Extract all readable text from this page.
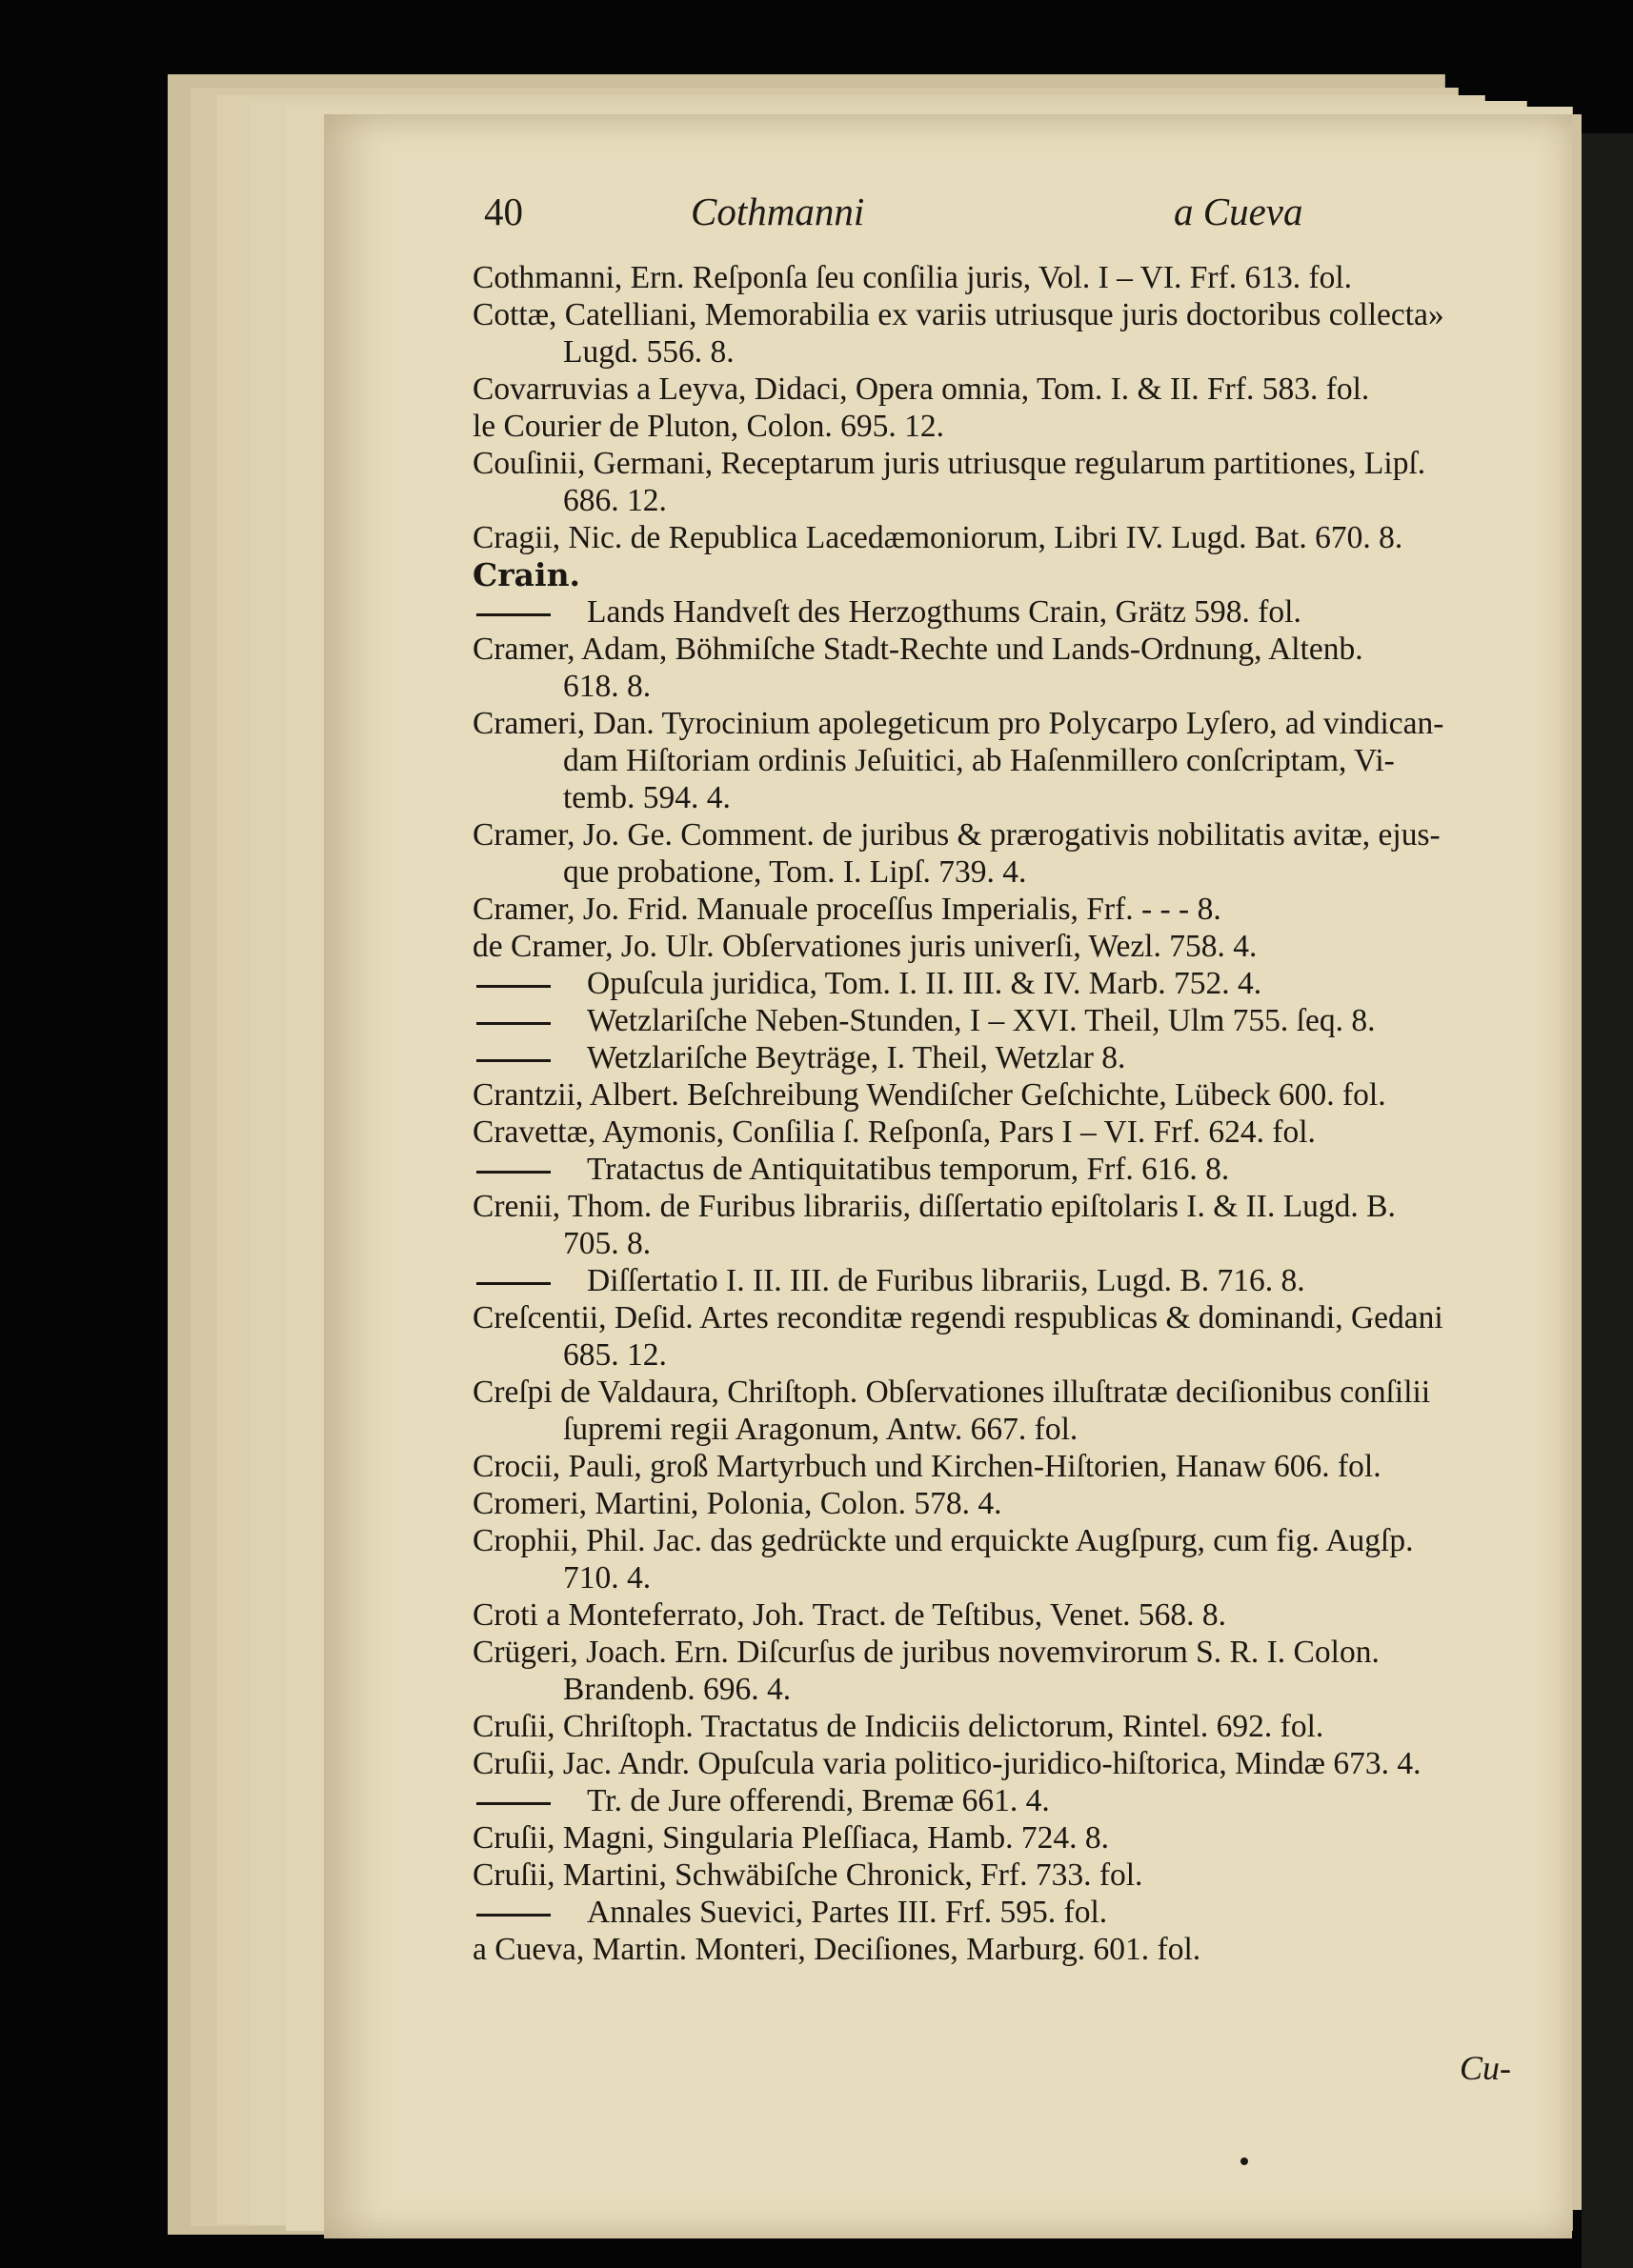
40	Cothmanni	a Cueva
Cothmanni, Ern. Reſponſa ſeu conſilia juris, Vol. I – VI. Frf. 613. fol.
Cottæ, Catelliani, Memorabilia ex variis utriusque juris doctoribus collecta»
Lugd. 556. 8.
Covarruvias a Leyva, Didaci, Opera omnia, Tom. I. & II. Frf. 583. fol.
le Courier de Pluton, Colon. 695. 12.
Couſinii, Germani, Receptarum juris utriusque regularum partitiones, Lipſ.
686. 12.
Cragii, Nic. de Republica Lacedæmoniorum, Libri IV. Lugd. Bat. 670. 8.
Crain.
Lands Handveſt des Herzogthums Crain, Grätz 598. fol.
Cramer, Adam, Böhmiſche Stadt-Rechte und Lands-Ordnung, Altenb.
618. 8.
Crameri, Dan. Tyrocinium apolegeticum pro Polycarpo Lyſero, ad vindican-
dam Hiſtoriam ordinis Jeſuitici, ab Haſenmillero conſcriptam, Vi-
temb. 594. 4.
Cramer, Jo. Ge. Comment. de juribus & prærogativis nobilitatis avitæ, ejus-
que probatione, Tom. I. Lipſ. 739. 4.
Cramer, Jo. Frid. Manuale proceſſus Imperialis, Frf. - - - 8.
de Cramer, Jo. Ulr. Obſervationes juris univerſi, Wezl. 758. 4.
Opuſcula juridica, Tom. I. II. III. & IV. Marb. 752. 4.
Wetzlariſche Neben-Stunden, I – XVI. Theil, Ulm 755. ſeq. 8.
Wetzlariſche Beyträge, I. Theil, Wetzlar 8.
Crantzii, Albert. Beſchreibung Wendiſcher Geſchichte, Lübeck 600. fol.
Cravettæ, Aymonis, Conſilia ſ. Reſponſa, Pars I – VI. Frf. 624. fol.
Tratactus de Antiquitatibus temporum, Frf. 616. 8.
Crenii, Thom. de Furibus librariis, diſſertatio epiſtolaris I. & II. Lugd. B.
705. 8.
Diſſertatio I. II. III. de Furibus librariis, Lugd. B. 716. 8.
Creſcentii, Deſid. Artes reconditæ regendi respublicas & dominandi, Gedani
685. 12.
Creſpi de Valdaura, Chriſtoph. Obſervationes illuſtratæ deciſionibus conſilii
ſupremi regii Aragonum, Antw. 667. fol.
Crocii, Pauli, groß Martyrbuch und Kirchen-Hiſtorien, Hanaw 606. fol.
Cromeri, Martini, Polonia, Colon. 578. 4.
Crophii, Phil. Jac. das gedrückte und erquickte Augſpurg, cum fig. Augſp.
710. 4.
Croti a Monteferrato, Joh. Tract. de Teſtibus, Venet. 568. 8.
Crügeri, Joach. Ern. Diſcurſus de juribus novemvirorum S. R. I. Colon.
Brandenb. 696. 4.
Cruſii, Chriſtoph. Tractatus de Indiciis delictorum, Rintel. 692. fol.
Cruſii, Jac. Andr. Opuſcula varia politico-juridico-hiſtorica, Mindæ 673. 4.
Tr. de Jure offerendi, Bremæ 661. 4.
Cruſii, Magni, Singularia Pleſſiaca, Hamb. 724. 8.
Cruſii, Martini, Schwäbiſche Chronick, Frf. 733. fol.
Annales Suevici, Partes III. Frf. 595. fol.
a Cueva, Martin. Monteri, Deciſiones, Marburg. 601. fol.
Cu-
